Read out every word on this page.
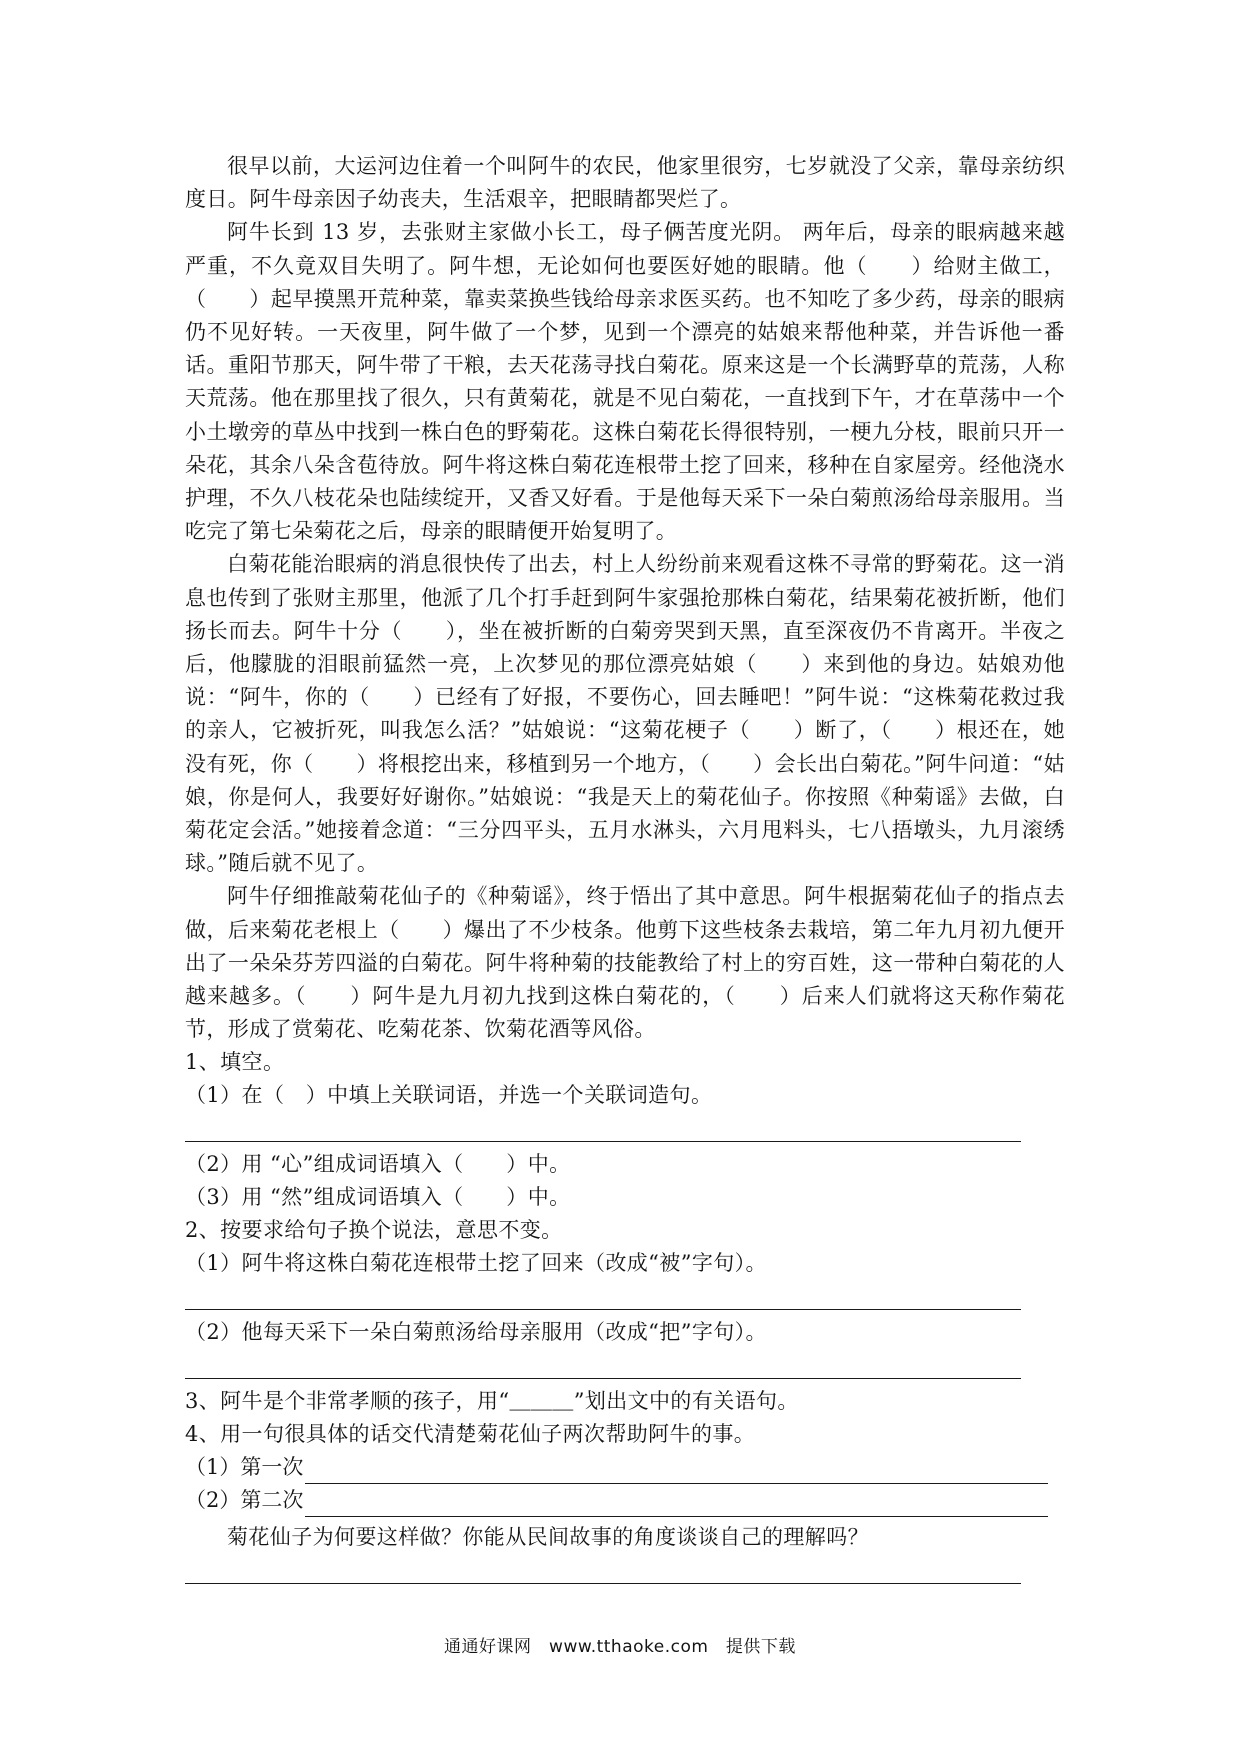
很早以前，大运河边住着一个叫阿牛的农民，他家里很穷，七岁就没了父亲，靠母亲纺织度日。阿牛母亲因子幼丧夫，生活艰辛，把眼睛都哭烂了。

阿牛长到 13 岁，去张财主家做小长工，母子俩苦度光阴。 两年后，母亲的眼病越来越严重，不久竟双目失明了。阿牛想，无论如何也要医好她的眼睛。他（　　）给财主做工，（　　）起早摸黑开荒种菜，靠卖菜换些钱给母亲求医买药。也不知吃了多少药，母亲的眼病仍不见好转。一天夜里，阿牛做了一个梦，见到一个漂亮的姑娘来帮他种菜，并告诉他一番话。重阳节那天，阿牛带了干粮，去天花荡寻找白菊花。原来这是一个长满野草的荒荡，人称天荒荡。他在那里找了很久，只有黄菊花，就是不见白菊花，一直找到下午，才在草荡中一个小土墩旁的草丛中找到一株白色的野菊花。这株白菊花长得很特别，一梗九分枝，眼前只开一朵花，其余八朵含苞待放。阿牛将这株白菊花连根带土挖了回来，移种在自家屋旁。经他浇水护理，不久八枝花朵也陆续绽开，又香又好看。于是他每天采下一朵白菊煎汤给母亲服用。当吃完了第七朵菊花之后，母亲的眼睛便开始复明了。

白菊花能治眼病的消息很快传了出去，村上人纷纷前来观看这株不寻常的野菊花。这一消息也传到了张财主那里，他派了几个打手赶到阿牛家强抢那株白菊花，结果菊花被折断，他们扬长而去。阿牛十分（　　），坐在被折断的白菊旁哭到天黑，直至深夜仍不肯离开。半夜之后，他朦胧的泪眼前猛然一亮，上次梦见的那位漂亮姑娘（　　）来到他的身边。姑娘劝他说：“阿牛，你的（　　）已经有了好报，不要伤心，回去睡吧！”阿牛说：“这株菊花救过我的亲人，它被折死，叫我怎么活？”姑娘说：“这菊花梗子（　　）断了，（　　）根还在，她没有死，你（　　）将根挖出来，移植到另一个地方，（　　）会长出白菊花。”阿牛问道：“姑娘，你是何人，我要好好谢你。”姑娘说：“我是天上的菊花仙子。你按照《种菊谣》去做，白菊花定会活。”她接着念道：“三分四平头，五月水淋头，六月甩料头，七八捂墩头，九月滚绣球。”随后就不见了。

阿牛仔细推敲菊花仙子的《种菊谣》，终于悟出了其中意思。阿牛根据菊花仙子的指点去做，后来菊花老根上（　　）爆出了不少枝条。他剪下这些枝条去栽培，第二年九月初九便开出了一朵朵芬芳四溢的白菊花。阿牛将种菊的技能教给了村上的穷百姓，这一带种白菊花的人越来越多。（　　）阿牛是九月初九找到这株白菊花的，（　　）后来人们就将这天称作菊花节，形成了赏菊花、吃菊花茶、饮菊花酒等风俗。

1、填空。

（1）在（　）中填上关联词语，并选一个关联词造句。

（2）用 “心”组成词语填入（　　）中。

（3）用 “然”组成词语填入（　　）中。

2、按要求给句子换个说法，意思不变。

（1）阿牛将这株白菊花连根带土挖了回来（改成“被”字句）。

（2）他每天采下一朵白菊煎汤给母亲服用（改成“把”字句）。

3、阿牛是个非常孝顺的孩子，用“＿＿＿”划出文中的有关语句。

4、用一句很具体的话交代清楚菊花仙子两次帮助阿牛的事。

（1）第一次
（2）第二次

菊花仙子为何要这样做？你能从民间故事的角度谈谈自己的理解吗？

通通好课网　www.tthaoke.com　提供下载
